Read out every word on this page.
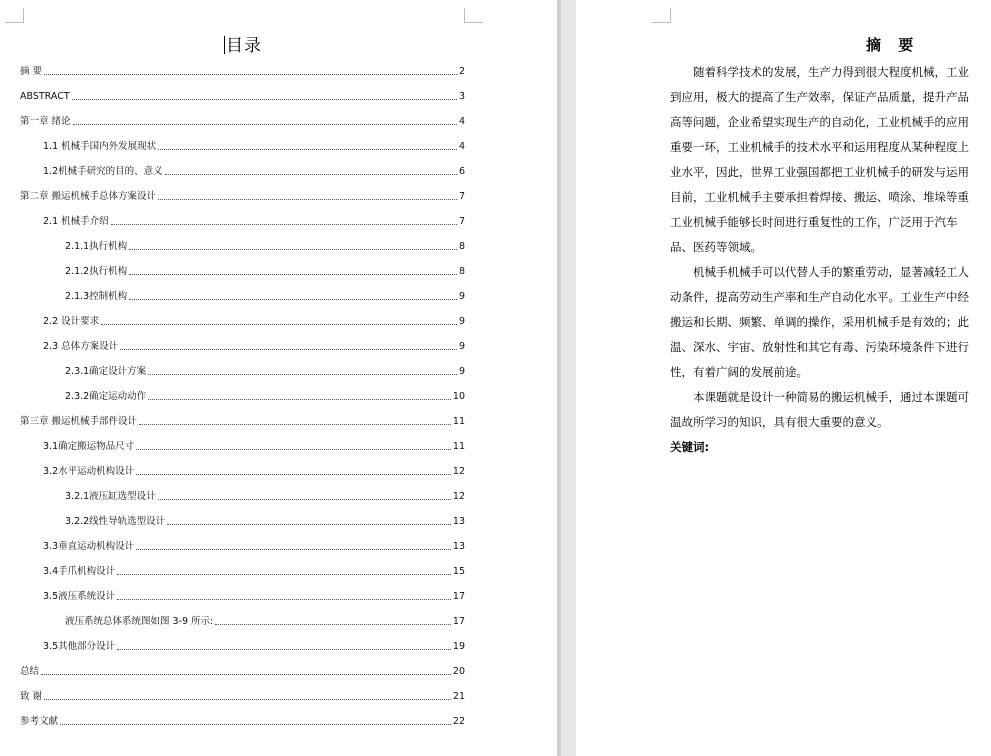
目录
摘 要	2
ABSTRACT	3
第一章 绪论	4
1.1 机械手国内外发展现状	4
1.2机械手研究的目的、意义	6
第二章 搬运机械手总体方案设计	7
2.1 机械手介绍	7
2.1.1执行机构	8
2.1.2执行机构	8
2.1.3控制机构	9
2.2 设计要求	9
2.3 总体方案设计	9
2.3.1确定设计方案	9
2.3.2确定运动动作	10
第三章 搬运机械手部件设计	11
3.1确定搬运物品尺寸	11
3.2水平运动机构设计	12
3.2.1液压缸选型设计	12
3.2.2线性导轨选型设计	13
3.3垂直运动机构设计	13
3.4手爪机构设计	15
3.5液压系统设计	17
液压系统总体系统图如图 3-9 所示:	17
3.5其他部分设计	19
总结	20
致 谢	21
参考文献	22
摘 要

随着科学技术的发展，生产力得到很大程度机械，工业

到应用，极大的提高了生产效率，保证产品质量，提升产品

高等问题，企业希望实现生产的自动化，工业机械手的应用

重要一环，工业机械手的技术水平和运用程度从某种程度上

业水平，因此，世界工业强国都把工业机械手的研发与运用

目前，工业机械手主要承担着焊接、搬运、喷涂、堆垛等重

工业机械手能够长时间进行重复性的工作，广泛用于汽车

品、医药等领域。

机械手机械手可以代替人手的繁重劳动，显著减轻工人

动条件，提高劳动生产率和生产自动化水平。工业生产中经

搬运和长期、频繁、单调的操作，采用机械手是有效的；此

温、深水、宇宙、放射性和其它有毒、污染环境条件下进行

性，有着广阔的发展前途。

本课题就是设计一种简易的搬运机械手，通过本课题可

温故所学习的知识，具有很大重要的意义。

关键词:
